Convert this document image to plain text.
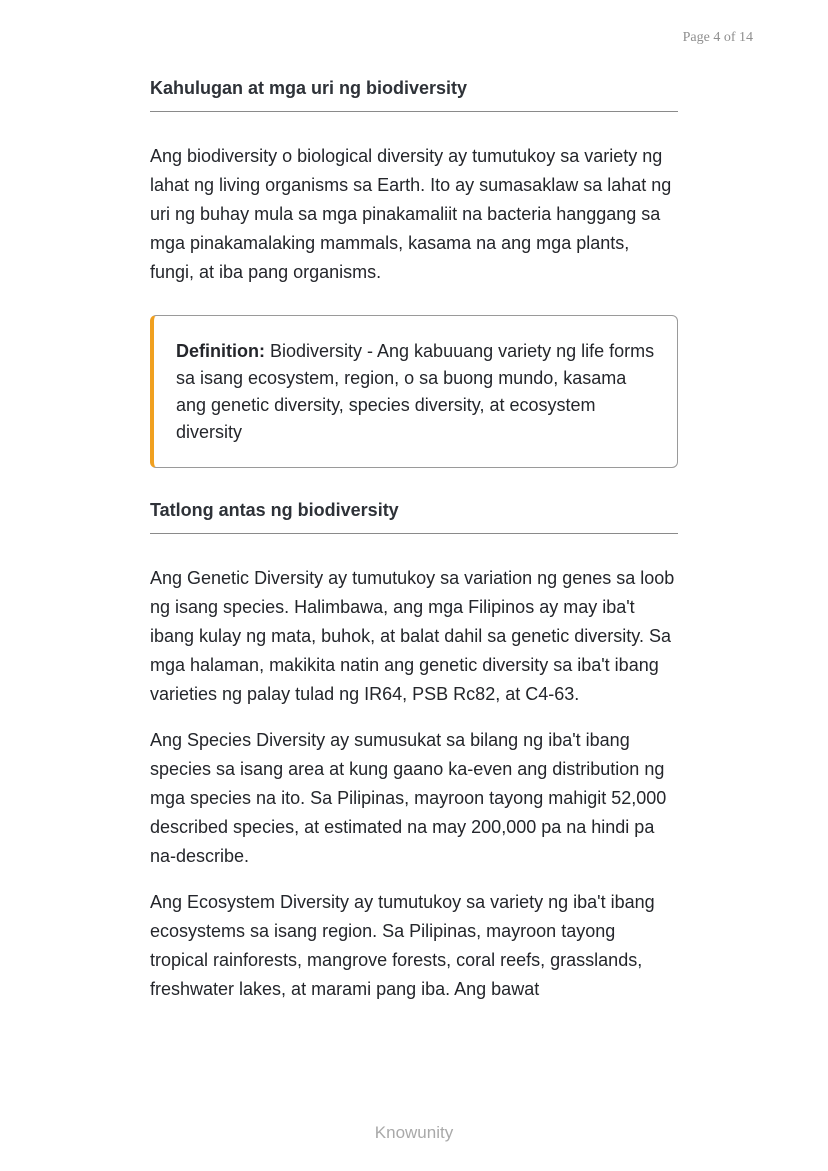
Page 4 of 14
Kahulugan at mga uri ng biodiversity

Ang biodiversity o biological diversity ay tumutukoy sa variety ng lahat ng living organisms sa Earth. Ito ay sumasaklaw sa lahat ng uri ng buhay mula sa mga pinakamaliit na bacteria hanggang sa mga pinakamalaking mammals, kasama na ang mga plants, fungi, at iba pang organisms.

Definition: Biodiversity - Ang kabuuang variety ng life forms sa isang ecosystem, region, o sa buong mundo, kasama ang genetic diversity, species diversity, at ecosystem diversity
Tatlong antas ng biodiversity

Ang Genetic Diversity ay tumutukoy sa variation ng genes sa loob ng isang species. Halimbawa, ang mga Filipinos ay may iba't ibang kulay ng mata, buhok, at balat dahil sa genetic diversity. Sa mga halaman, makikita natin ang genetic diversity sa iba't ibang varieties ng palay tulad ng IR64, PSB Rc82, at C4-63.

Ang Species Diversity ay sumusukat sa bilang ng iba't ibang species sa isang area at kung gaano ka-even ang distribution ng mga species na ito. Sa Pilipinas, mayroon tayong mahigit 52,000 described species, at estimated na may 200,000 pa na hindi pa na-describe.

Ang Ecosystem Diversity ay tumutukoy sa variety ng iba't ibang ecosystems sa isang region. Sa Pilipinas, mayroon tayong tropical rainforests, mangrove forests, coral reefs, grasslands, freshwater lakes, at marami pang iba. Ang bawat

Knowunity
